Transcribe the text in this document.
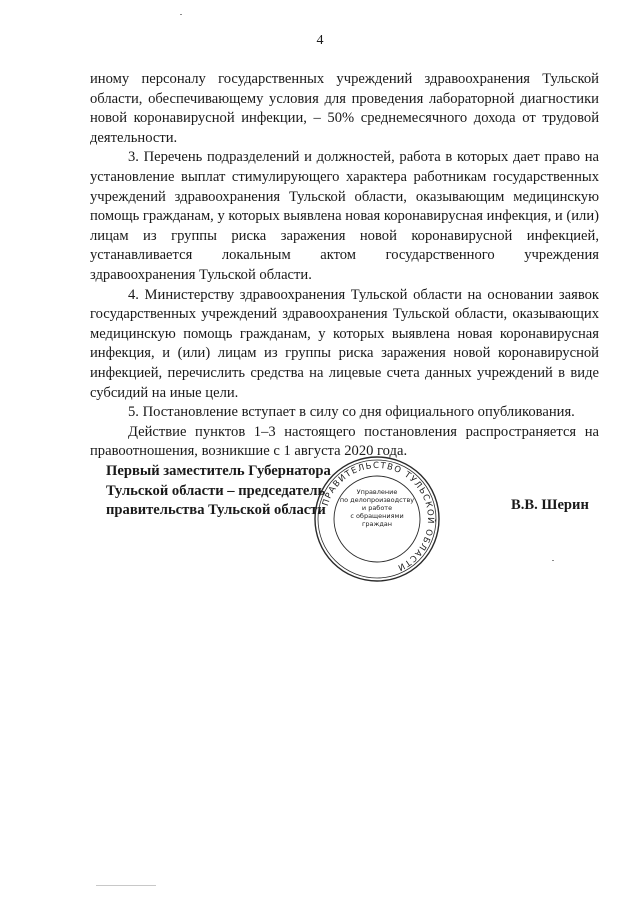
4

иному персоналу государственных учреждений здравоохранения Тульской области, обеспечивающему условия для проведения лабораторной диагностики новой коронавирусной инфекции, – 50% среднемесячного дохода от трудовой деятельности.

3. Перечень подразделений и должностей, работа в которых дает право на установление выплат стимулирующего характера работникам государственных учреждений здравоохранения Тульской области, оказывающим медицинскую помощь гражданам, у которых выявлена новая коронавирусная инфекция, и (или) лицам из группы риска заражения новой коронавирусной инфекцией, устанавливается локальным актом государственного учреждения здравоохранения Тульской области.

4. Министерству здравоохранения Тульской области на основании заявок государственных учреждений здравоохранения Тульской области, оказывающих медицинскую помощь гражданам, у которых выявлена новая коронавирусная инфекция, и (или) лицам из группы риска заражения новой коронавирусной инфекцией, перечислить средства на лицевые счета данных учреждений в виде субсидий на иные цели.

5. Постановление вступает в силу со дня официального опубликования.

Действие пунктов 1–3 настоящего постановления распространяется на правоотношения, возникшие с 1 августа 2020 года.

Первый заместитель Губернатора
Тульской области – председатель
правительства Тульской области
ПРАВИТЕЛЬСТВО ТУЛЬСКОЙ ОБЛАСТИ
Управление
по делопроизводству
и работе
с обращениями
граждан
В.В. Шерин
